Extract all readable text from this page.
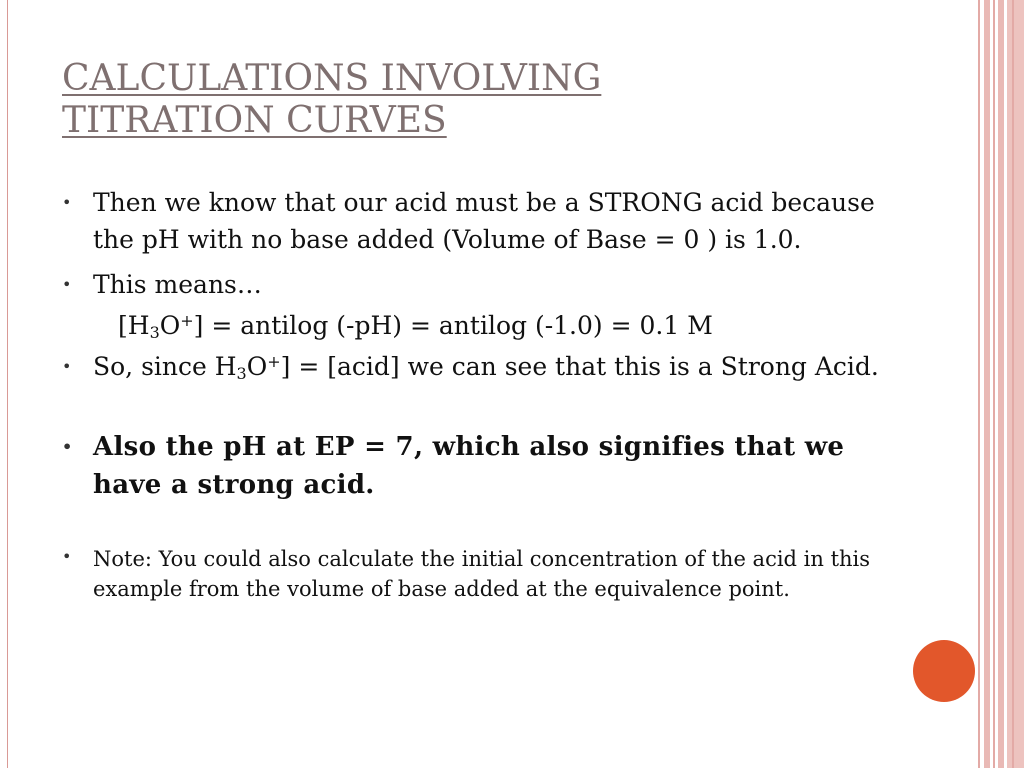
CALCULATIONS INVOLVING
TITRATION CURVES
• Then we know that our acid must be a STRONG acid because the pH with no base added (Volume of Base = 0 ) is 1.0.
• This means…
$[H_3O^+]$ = antilog (-pH) = antilog (-1.0) = 0.1 M
• So, since $H_3O^+$] = [acid] we can see that this is a Strong Acid.
• Also the pH at EP = 7, which also signifies that we have a strong acid.
•	Note: You could also calculate the initial concentration of the acid in this example from the volume of base added at the equivalence point.
